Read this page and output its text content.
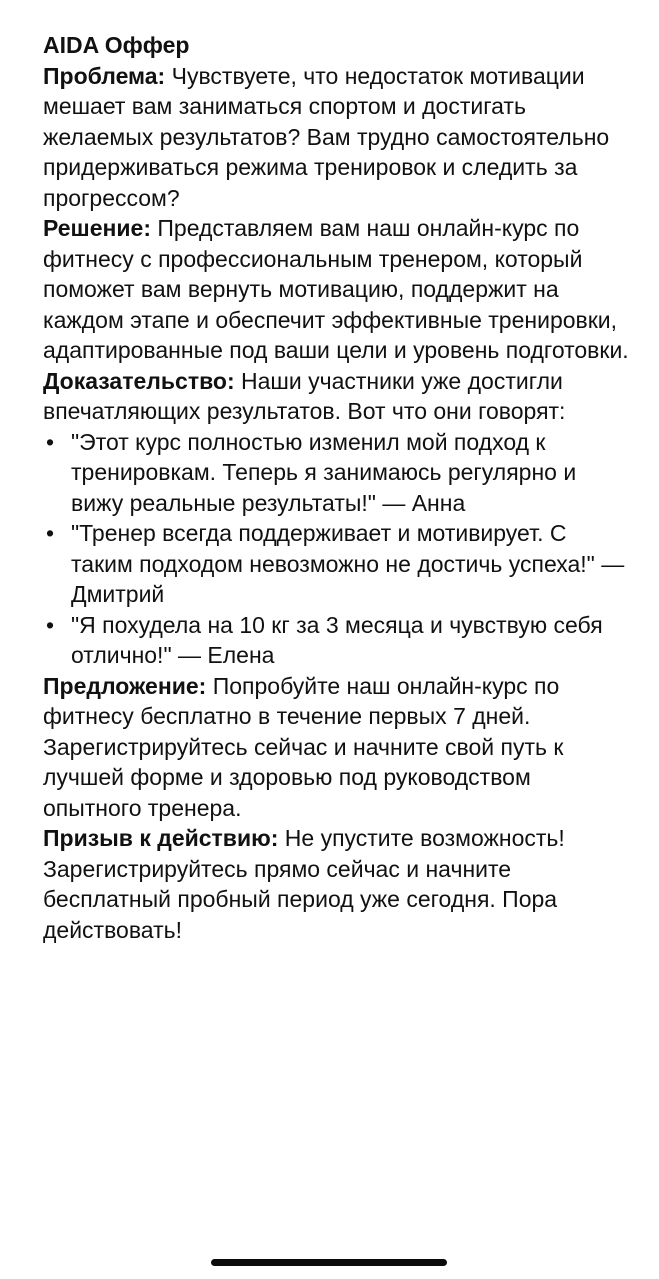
AIDA Оффер

Проблема: Чувствуете, что недостаток мотивации мешает вам заниматься спортом и достигать желаемых результатов? Вам трудно самостоятельно придерживаться режима тренировок и следить за прогрессом?

Решение: Представляем вам наш онлайн-курс по фитнесу с профессиональным тренером, который поможет вам вернуть мотивацию, поддержит на каждом этапе и обеспечит эффективные тренировки, адаптированные под ваши цели и уровень подготовки.

Доказательство: Наши участники уже достигли впечатляющих результатов. Вот что они говорят:

• "Этот курс полностью изменил мой подход к тренировкам. Теперь я занимаюсь регулярно и вижу реальные результаты!" — Анна
• "Тренер всегда поддерживает и мотивирует. С таким подходом невозможно не достичь успеха!" — Дмитрий
• "Я похудела на 10 кг за 3 месяца и чувствую себя отлично!" — Елена

Предложение: Попробуйте наш онлайн-курс по фитнесу бесплатно в течение первых 7 дней. Зарегистрируйтесь сейчас и начните свой путь к лучшей форме и здоровью под руководством опытного тренера.

Призыв к действию: Не упустите возможность! Зарегистрируйтесь прямо сейчас и начните бесплатный пробный период уже сегодня. Пора действовать!
